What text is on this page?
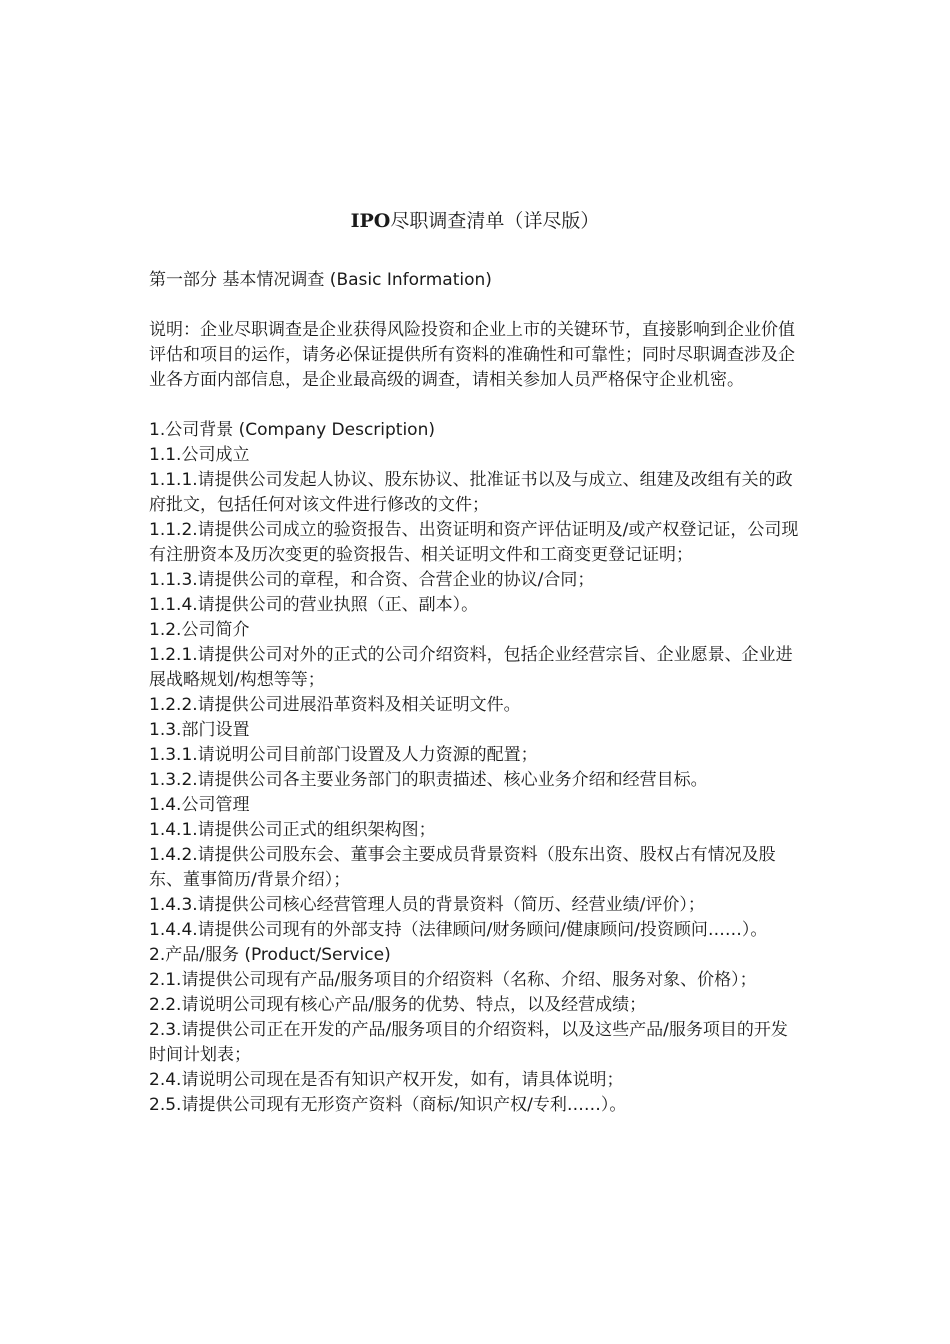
IPO尽职调查清单（详尽版）

第一部分 基本情况调查 (Basic Information)

说明：企业尽职调查是企业获得风险投资和企业上市的关键环节，直接影响到企业价值评估和项目的运作，请务必保证提供所有资料的准确性和可靠性；同时尽职调查涉及企业各方面内部信息，是企业最高级的调查，请相关参加人员严格保守企业机密。

1.公司背景 (Company Description)

1.1.公司成立

1.1.1.请提供公司发起人协议、股东协议、批准证书以及与成立、组建及改组有关的政府批文，包括任何对该文件进行修改的文件；

1.1.2.请提供公司成立的验资报告、出资证明和资产评估证明及/或产权登记证，公司现有注册资本及历次变更的验资报告、相关证明文件和工商变更登记证明；

1.1.3.请提供公司的章程，和合资、合营企业的协议/合同；

1.1.4.请提供公司的营业执照（正、副本）。

1.2.公司简介

1.2.1.请提供公司对外的正式的公司介绍资料，包括企业经营宗旨、企业愿景、企业进展战略规划/构想等等；

1.2.2.请提供公司进展沿革资料及相关证明文件。

1.3.部门设置

1.3.1.请说明公司目前部门设置及人力资源的配置；

1.3.2.请提供公司各主要业务部门的职责描述、核心业务介绍和经营目标。

1.4.公司管理

1.4.1.请提供公司正式的组织架构图；

1.4.2.请提供公司股东会、董事会主要成员背景资料（股东出资、股权占有情况及股东、董事简历/背景介绍）；

1.4.3.请提供公司核心经营管理人员的背景资料（简历、经营业绩/评价）；

1.4.4.请提供公司现有的外部支持（法律顾问/财务顾问/健康顾问/投资顾问……）。

2.产品/服务 (Product/Service)

2.1.请提供公司现有产品/服务项目的介绍资料（名称、介绍、服务对象、价格）；

2.2.请说明公司现有核心产品/服务的优势、特点，以及经营成绩；

2.3.请提供公司正在开发的产品/服务项目的介绍资料，以及这些产品/服务项目的开发时间计划表；

2.4.请说明公司现在是否有知识产权开发，如有，请具体说明；

2.5.请提供公司现有无形资产资料（商标/知识产权/专利……）。
